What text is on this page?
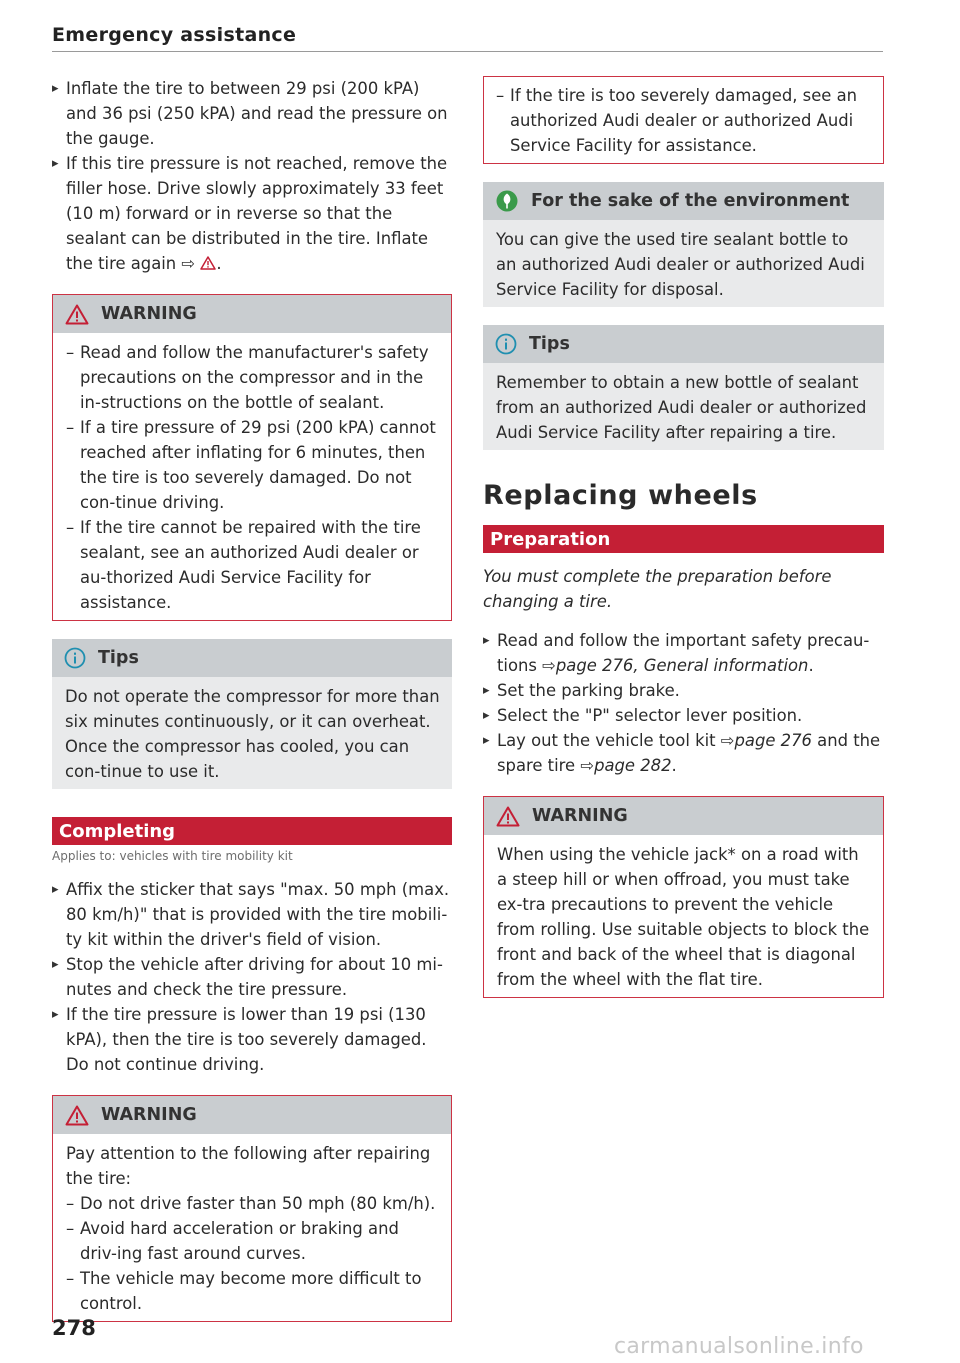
Emergency assistance
▸ Inflate the tire to between 29 psi (200 kPA) and 36 psi (250 kPA) and read the pressure on the gauge.
▸ If this tire pressure is not reached, remove the filler hose. Drive slowly approximately 33 feet (10 m) forward or in reverse so that the sealant can be distributed in the tire. Inflate the tire again ⇨ .
WARNING
– Read and follow the manufacturer's safety precautions on the compressor and in the in-structions on the bottle of sealant.
– If a tire pressure of 29 psi (200 kPA) cannot reached after inflating for 6 minutes, then the tire is too severely damaged. Do not con-tinue driving.
– If the tire cannot be repaired with the tire sealant, see an authorized Audi dealer or au-thorized Audi Service Facility for assistance.
Tips
Do not operate the compressor for more than six minutes continuously, or it can overheat. Once the compressor has cooled, you can con-tinue to use it.
Completing
Applies to: vehicles with tire mobility kit
▸ Affix the sticker that says "max. 50 mph (max. 80 km/h)" that is provided with the tire mobili-ty kit within the driver's field of vision.
▸ Stop the vehicle after driving for about 10 mi-nutes and check the tire pressure.
▸ If the tire pressure is lower than 19 psi (130 kPA), then the tire is too severely damaged. Do not continue driving.
WARNING
Pay attention to the following after repairing the tire:
– Do not drive faster than 50 mph (80 km/h).
– Avoid hard acceleration or braking and driv-ing fast around curves.
– The vehicle may become more difficult to control.
– If the tire is too severely damaged, see an authorized Audi dealer or authorized Audi Service Facility for assistance.
For the sake of the environment
You can give the used tire sealant bottle to an authorized Audi dealer or authorized Audi Service Facility for disposal.
Tips
Remember to obtain a new bottle of sealant from an authorized Audi dealer or authorized Audi Service Facility after repairing a tire.
Replacing wheels
Preparation
You must complete the preparation before changing a tire.
▸ Read and follow the important safety precau-tions ⇨page 276, General information.
▸ Set the parking brake.
▸ Select the "P" selector lever position.
▸ Lay out the vehicle tool kit ⇨page 276 and the spare tire ⇨page 282.
WARNING
When using the vehicle jack* on a road with a steep hill or when offroad, you must take ex-tra precautions to prevent the vehicle from rolling. Use suitable objects to block the front and back of the wheel that is diagonal from the wheel with the flat tire.
278
carmanualsonline.info
